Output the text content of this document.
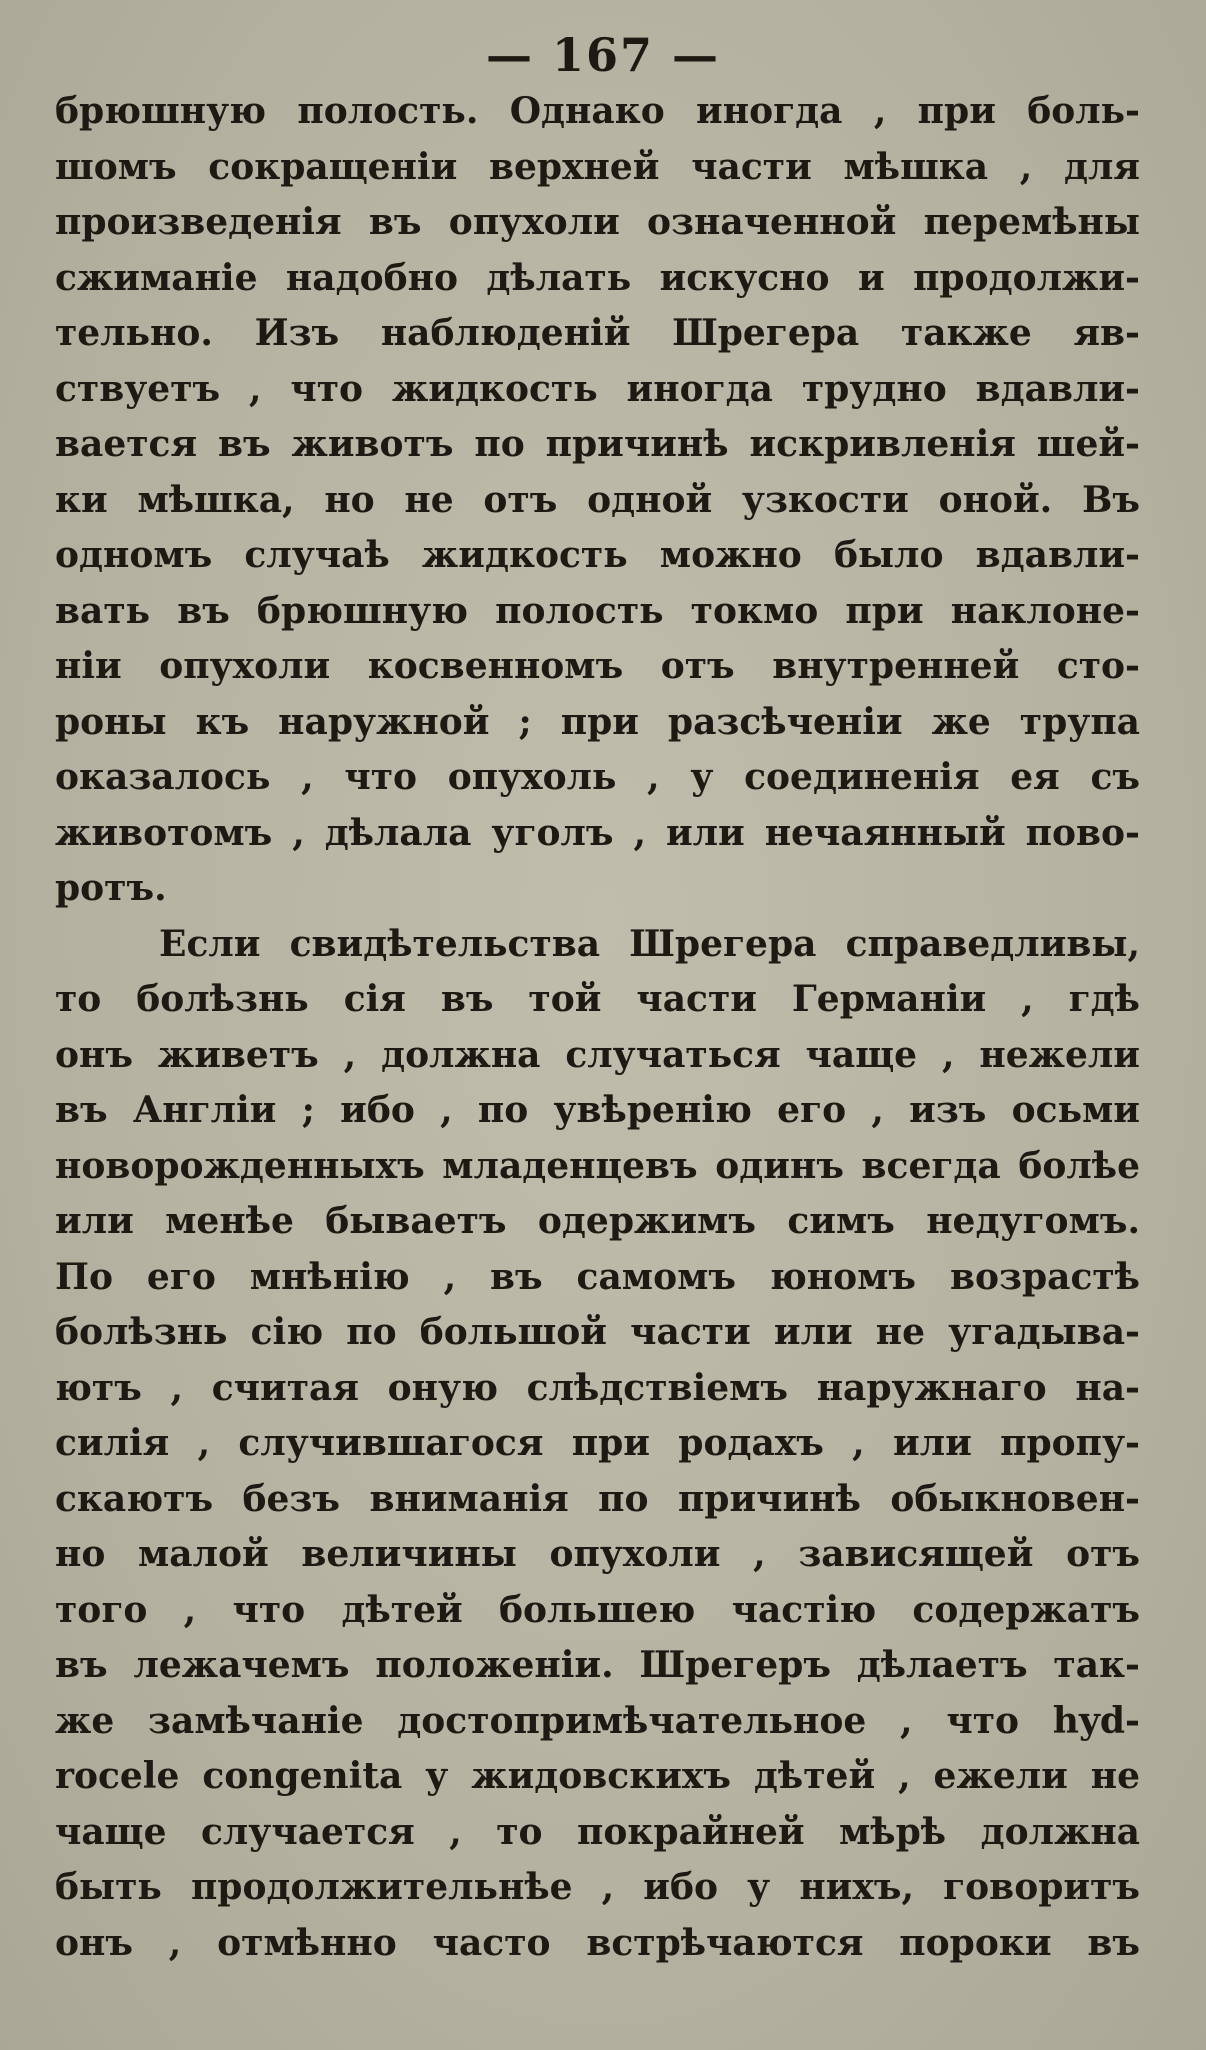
— 167 —
брюшную полость. Однако иногда , при боль-
шомъ сокращеніи верхней части мѣшка , для
произведенія въ опухоли означенной перемѣны
сжиманіе надобно дѣлать искусно и продолжи-
тельно. Изъ наблюденій Шрегера также яв-
ствуетъ , что жидкость иногда трудно вдавли-
вается въ животъ по причинѣ искривленія шей-
ки мѣшка, но не отъ одной узкости оной. Въ
одномъ случаѣ жидкость можно было вдавли-
вать въ брюшную полость токмо при наклоне-
ніи опухоли косвенномъ отъ внутренней сто-
роны къ наружной ; при разсѣченіи же трупа
оказалось , что опухоль , у соединенія ея съ
животомъ , дѣлала уголъ , или нечаянный пово-
ротъ.
Если свидѣтельства Шрегера справедливы,
то болѣзнь сія въ той части Германіи , гдѣ
онъ живетъ , должна случаться чаще , нежели
въ Англіи ; ибо , по увѣренію его , изъ осьми
новорожденныхъ младенцевъ одинъ всегда болѣе
или менѣе бываетъ одержимъ симъ недугомъ.
По его мнѣнію , въ самомъ юномъ возрастѣ
болѣзнь сію по большой части или не угадыва-
ютъ , считая оную слѣдствіемъ наружнаго на-
силія , случившагося при родахъ , или пропу-
скаютъ безъ вниманія по причинѣ обыкновен-
но малой величины опухоли , зависящей отъ
того , что дѣтей большею частію содержатъ
въ лежачемъ положеніи. Шрегеръ дѣлаетъ так-
же замѣчаніе достопримѣчательное , что hyd-
rocele congenita у жидовскихъ дѣтей , ежели не
чаще случается , то покрайней мѣрѣ должна
быть продолжительнѣе , ибо у нихъ, говоритъ
онъ , отмѣнно часто встрѣчаются пороки въ
